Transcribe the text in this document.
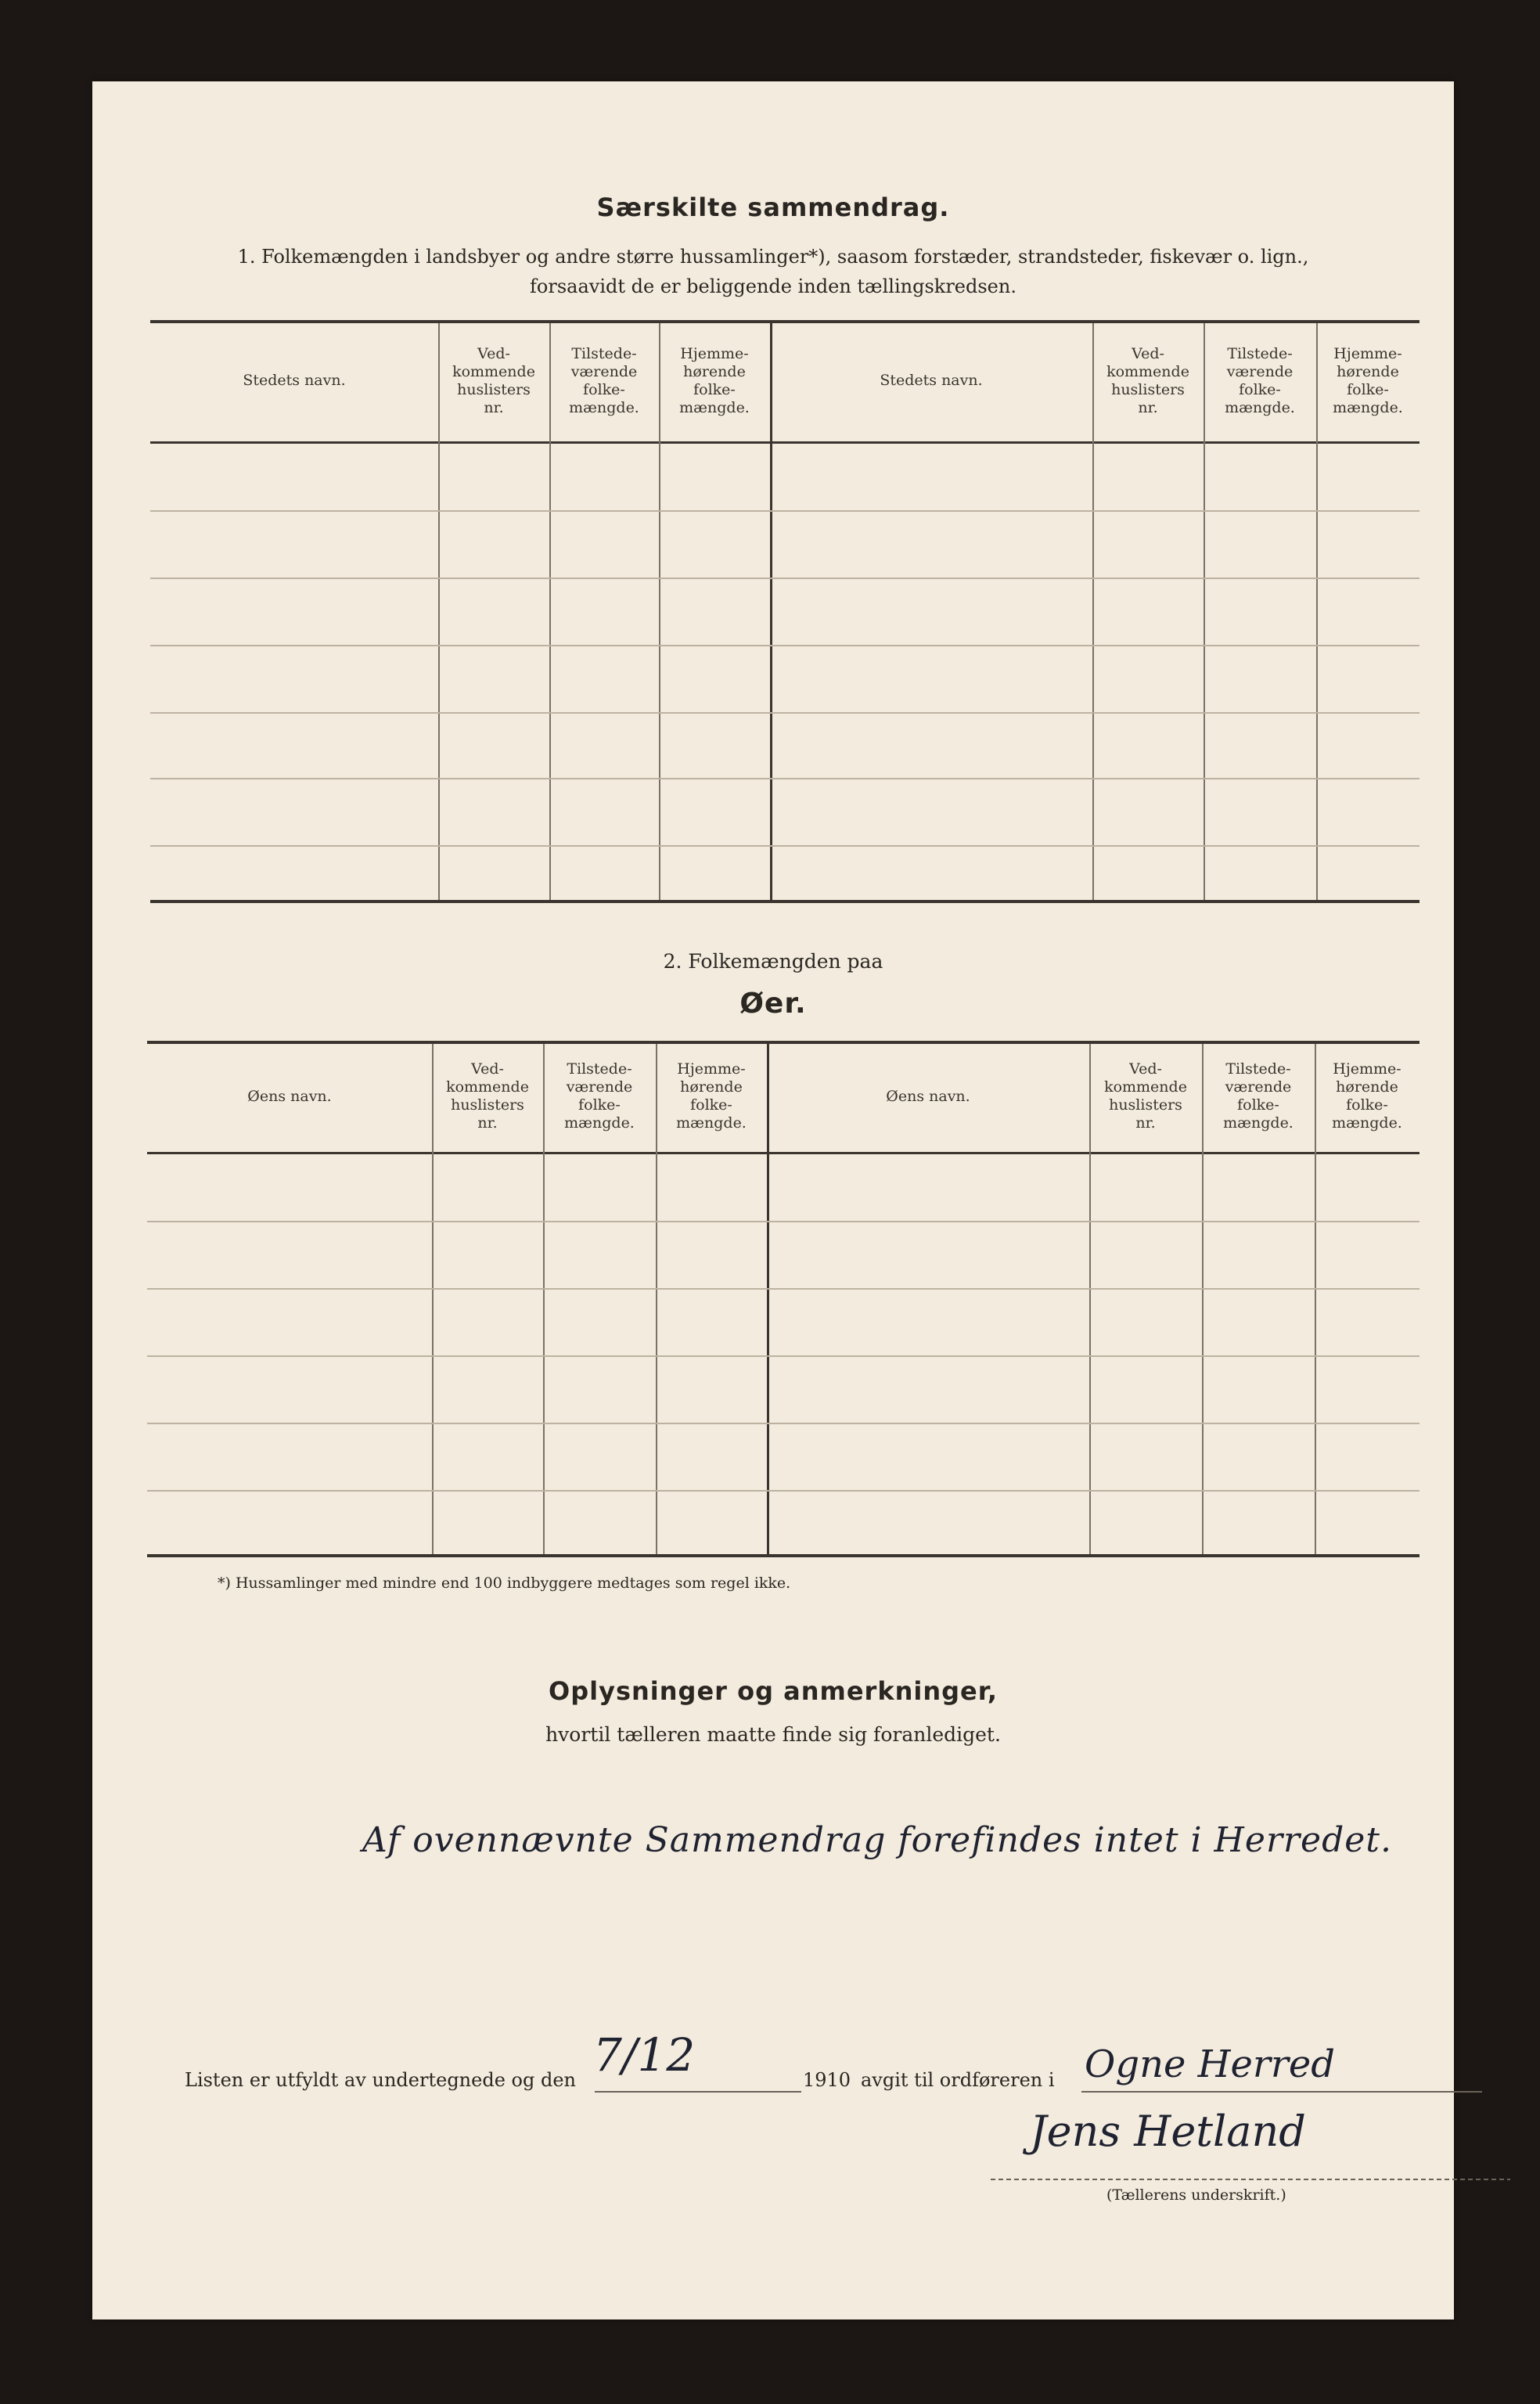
Særskilte sammendrag.
1. Folkemængden i landsbyer og andre større hussamlinger*), saasom forstæder, strandsteder, fiskevær o. lign.,
forsaavidt de er beliggende inden tællingskredsen.
Stedets navn.
Ved-
kommende
huslisters
nr.
Tilstede-
værende
folke-
mængde.
Hjemme-
hørende
folke-
mængde.
Stedets navn.
Ved-
kommende
huslisters
nr.
Tilstede-
værende
folke-
mængde.
Hjemme-
hørende
folke-
mængde.
2. Folkemængden paa
Øer.
Øens navn.
Ved-
kommende
huslisters
nr.
Tilstede-
værende
folke-
mængde.
Hjemme-
hørende
folke-
mængde.
Øens navn.
Ved-
kommende
huslisters
nr.
Tilstede-
værende
folke-
mængde.
Hjemme-
hørende
folke-
mængde.
*) Hussamlinger med mindre end 100 indbyggere medtages som regel ikke.
Oplysninger og anmerkninger,
hvortil tælleren maatte finde sig foranlediget.
Af ovennævnte Sammendrag forefindes intet i Herredet.
Listen er utfyldt av undertegnede og den 7/12	1910 avgit til ordføreren i Ogne Herred
Jens Hetland
(Tællerens underskrift.)
